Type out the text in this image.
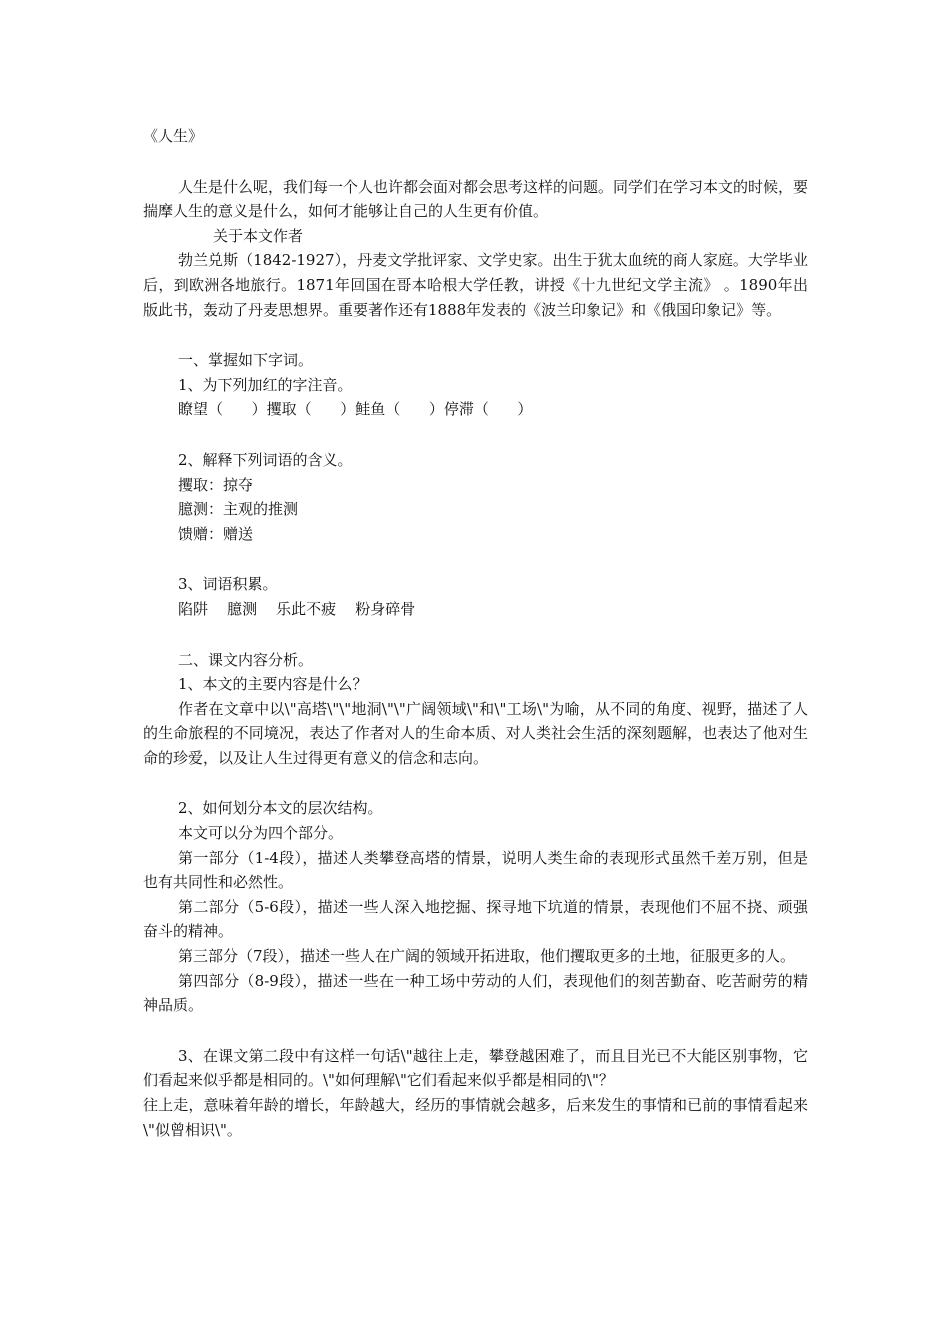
《人生》

人生是什么呢，我们每一个人也许都会面对都会思考这样的问题。同学们在学习本文的时候，要揣摩人生的意义是什么，如何才能够让自己的人生更有价值。

关于本文作者

勃兰兑斯（1842-1927），丹麦文学批评家、文学史家。出生于犹太血统的商人家庭。大学毕业后，到欧洲各地旅行。1871年回国在哥本哈根大学任教，讲授《十九世纪文学主流》 。1890年出版此书，轰动了丹麦思想界。重要著作还有1888年发表的《波兰印象记》和《俄国印象记》等。

一、掌握如下字词。

1、为下列加红的字注音。

瞭望（      ）攫取（      ）鲑鱼（      ）停滞（      ）

2、解释下列词语的含义。

攫取：掠夺

臆测：主观的推测

馈赠：赠送

3、词语积累。

陷阱    臆测    乐此不疲    粉身碎骨

二、课文内容分析。

1、本文的主要内容是什么？

作者在文章中以\"高塔\"\"地洞\"\"广阔领域\"和\"工场\"为喻，从不同的角度、视野，描述了人的生命旅程的不同境况，表达了作者对人的生命本质、对人类社会生活的深刻题解，也表达了他对生命的珍爱，以及让人生过得更有意义的信念和志向。

2、如何划分本文的层次结构。

本文可以分为四个部分。

第一部分（1-4段），描述人类攀登高塔的情景，说明人类生命的表现形式虽然千差万别，但是也有共同性和必然性。

第二部分（5-6段），描述一些人深入地挖掘、探寻地下坑道的情景，表现他们不屈不挠、顽强奋斗的精神。

第三部分（7段），描述一些人在广阔的领域开拓进取，他们攫取更多的土地，征服更多的人。

第四部分（8-9段），描述一些在一种工场中劳动的人们，表现他们的刻苦勤奋、吃苦耐劳的精神品质。

3、在课文第二段中有这样一句话\"越往上走，攀登越困难了，而且目光已不大能区别事物，它们看起来似乎都是相同的。\"如何理解\"它们看起来似乎都是相同的\"？

往上走，意味着年龄的增长，年龄越大，经历的事情就会越多，后来发生的事情和已前的事情看起来\"似曾相识\"。
